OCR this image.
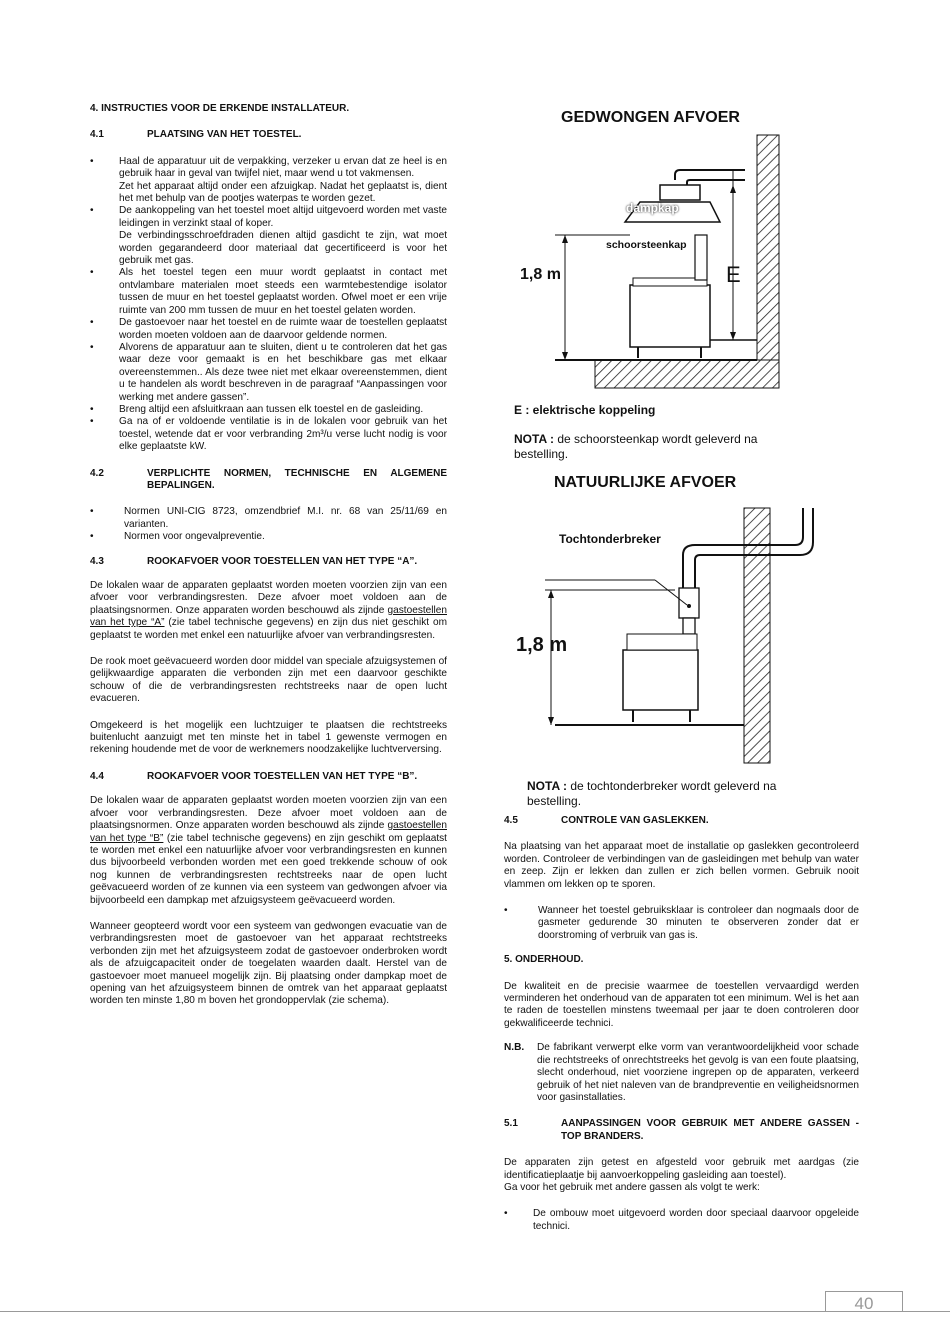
4. INSTRUCTIES VOOR DE ERKENDE INSTALLATEUR.
4.1	PLAATSING VAN HET TOESTEL.
• Haal de apparatuur uit de verpakking, verzeker u ervan dat ze heel is en gebruik haar in geval van twijfel niet, maar wend u tot vakmensen.
Zet het apparaat altijd onder een afzuigkap. Nadat het geplaatst is, dient het met behulp van de pootjes waterpas te worden gezet.
• De aankoppeling van het toestel moet altijd uitgevoerd worden met vaste leidingen in verzinkt staal of koper.
De verbindingsschroefdraden dienen altijd gasdicht te zijn, wat moet worden gegarandeerd door materiaal dat gecertificeerd is voor het gebruik met gas.
• Als het toestel tegen een muur wordt geplaatst in contact met ontvlambare materialen moet steeds een warmtebestendige isolator tussen de muur en het toestel geplaatst worden. Ofwel moet er een vrije ruimte van 200 mm tussen de muur en het toestel gelaten worden.
• De gastoevoer naar het toestel en de ruimte waar de toestellen geplaatst worden moeten voldoen aan de daarvoor geldende normen.
• Alvorens de apparatuur aan te sluiten, dient u te controleren dat het gas waar deze voor gemaakt is en het beschikbare gas met elkaar overeenstemmen.. Als deze twee niet met elkaar overeenstemmen, dient u te handelen als wordt beschreven in de paragraaf “Aanpassingen voor werking met andere gassen”.
• Breng altijd een afsluitkraan aan tussen elk toestel en de gasleiding.
• Ga na of er voldoende ventilatie is in de lokalen voor gebruik van het toestel, wetende dat er voor verbranding 2m³/u verse lucht nodig is voor elke geplaatste kW.
4.2	VERPLICHTE NORMEN, TECHNISCHE EN ALGEMENE BEPALINGEN.
• Normen UNI-CIG 8723, omzendbrief M.I. nr. 68 van 25/11/69 en varianten.
• Normen voor ongevalpreventie.
4.3	ROOKAFVOER VOOR TOESTELLEN VAN HET TYPE “A”.

De lokalen waar de apparaten geplaatst worden moeten voorzien zijn van een afvoer voor verbrandingsresten. Deze afvoer moet voldoen aan de plaatsingsnormen. Onze apparaten worden beschouwd als zijnde gastoestellen van het type “A” (zie tabel technische gegevens) en zijn dus niet geschikt om geplaatst te worden met enkel een natuurlijke afvoer van verbrandingsresten.

De rook moet geëvacueerd worden door middel van speciale afzuigsystemen of gelijkwaardige apparaten die verbonden zijn met een daarvoor geschikte schouw of die de verbrandingsresten rechtstreeks naar de open lucht evacueren.

Omgekeerd is het mogelijk een luchtzuiger te plaatsen die rechtstreeks buitenlucht aanzuigt met ten minste het in tabel 1 gewenste vermogen en rekening houdende met de voor de werknemers noodzakelijke luchtverversing.

4.4	ROOKAFVOER VOOR TOESTELLEN VAN HET TYPE “B”.

De lokalen waar de apparaten geplaatst worden moeten voorzien zijn van een afvoer voor verbrandingsresten. Deze afvoer moet voldoen aan de plaatsingsnormen. Onze apparaten worden beschouwd als zijnde gastoestellen van het type “B” (zie tabel technische gegevens) en zijn geschikt om geplaatst te worden met enkel een natuurlijke afvoer voor verbrandingsresten en kunnen dus bijvoorbeeld verbonden worden met een goed trekkende schouw of ook nog kunnen de verbrandingsresten rechtstreeks naar de open lucht geëvacueerd worden of ze kunnen via een systeem van gedwongen afvoer via bijvoorbeeld een dampkap met afzuigsysteem geëvacueerd worden.

Wanneer geopteerd wordt voor een systeem van gedwongen evacuatie van de verbrandingsresten moet de gastoevoer van het apparaat rechtstreeks verbonden zijn met het afzuigsysteem zodat de gastoevoer onderbroken wordt als de afzuigcapaciteit onder de toegelaten waarden daalt. Herstel van de gastoevoer moet manueel mogelijk zijn. Bij plaatsing onder dampkap moet de opening van het afzuigsysteem binnen de omtrek van het apparaat geplaatst worden ten minste 1,80 m boven het grondoppervlak (zie schema).

GEDWONGEN AFVOER
dampkap
schoorsteenkap
1,8 m	E
E : elektrische koppeling
NOTA : de schoorsteenkap wordt geleverd na bestelling.
NATUURLIJKE AFVOER
Tochtonderbreker
1,8 m
NOTA : de tochtonderbreker wordt geleverd na bestelling.
4.5	CONTROLE VAN GASLEKKEN.

Na plaatsing van het apparaat moet de installatie op gaslekken gecontroleerd worden. Controleer de verbindingen van de gasleidingen met behulp van water en zeep. Zijn er lekken dan zullen er zich bellen vormen. Gebruik nooit vlammen om lekken op te sporen.

• Wanneer het toestel gebruiksklaar is controleer dan nogmaals door de gasmeter gedurende 30 minuten te observeren zonder dat er doorstroming of verbruik van gas is.
5. ONDERHOUD.

De kwaliteit en de precisie waarmee de toestellen vervaardigd werden verminderen het onderhoud van de apparaten tot een minimum. Wel is het aan te raden de toestellen minstens tweemaal per jaar te doen controleren door gekwalificeerde technici.

N.B.	De fabrikant verwerpt elke vorm van verantwoordelijkheid voor schade die rechtstreeks of onrechtstreeks het gevolg is van een foute plaatsing, slecht onderhoud, niet voorziene ingrepen op de apparaten, verkeerd gebruik of het niet naleven van de brandpreventie en veiligheidsnormen voor gasinstallaties.
5.1	AANPASSINGEN VOOR GEBRUIK MET ANDERE GASSEN - TOP BRANDERS.

De apparaten zijn getest en afgesteld voor gebruik met aardgas (zie identificatieplaatje bij aanvoerkoppeling gasleiding aan toestel).
Ga voor het gebruik met andere gassen als volgt te werk:

• De ombouw moet uitgevoerd worden door speciaal daarvoor opgeleide technici.
40
